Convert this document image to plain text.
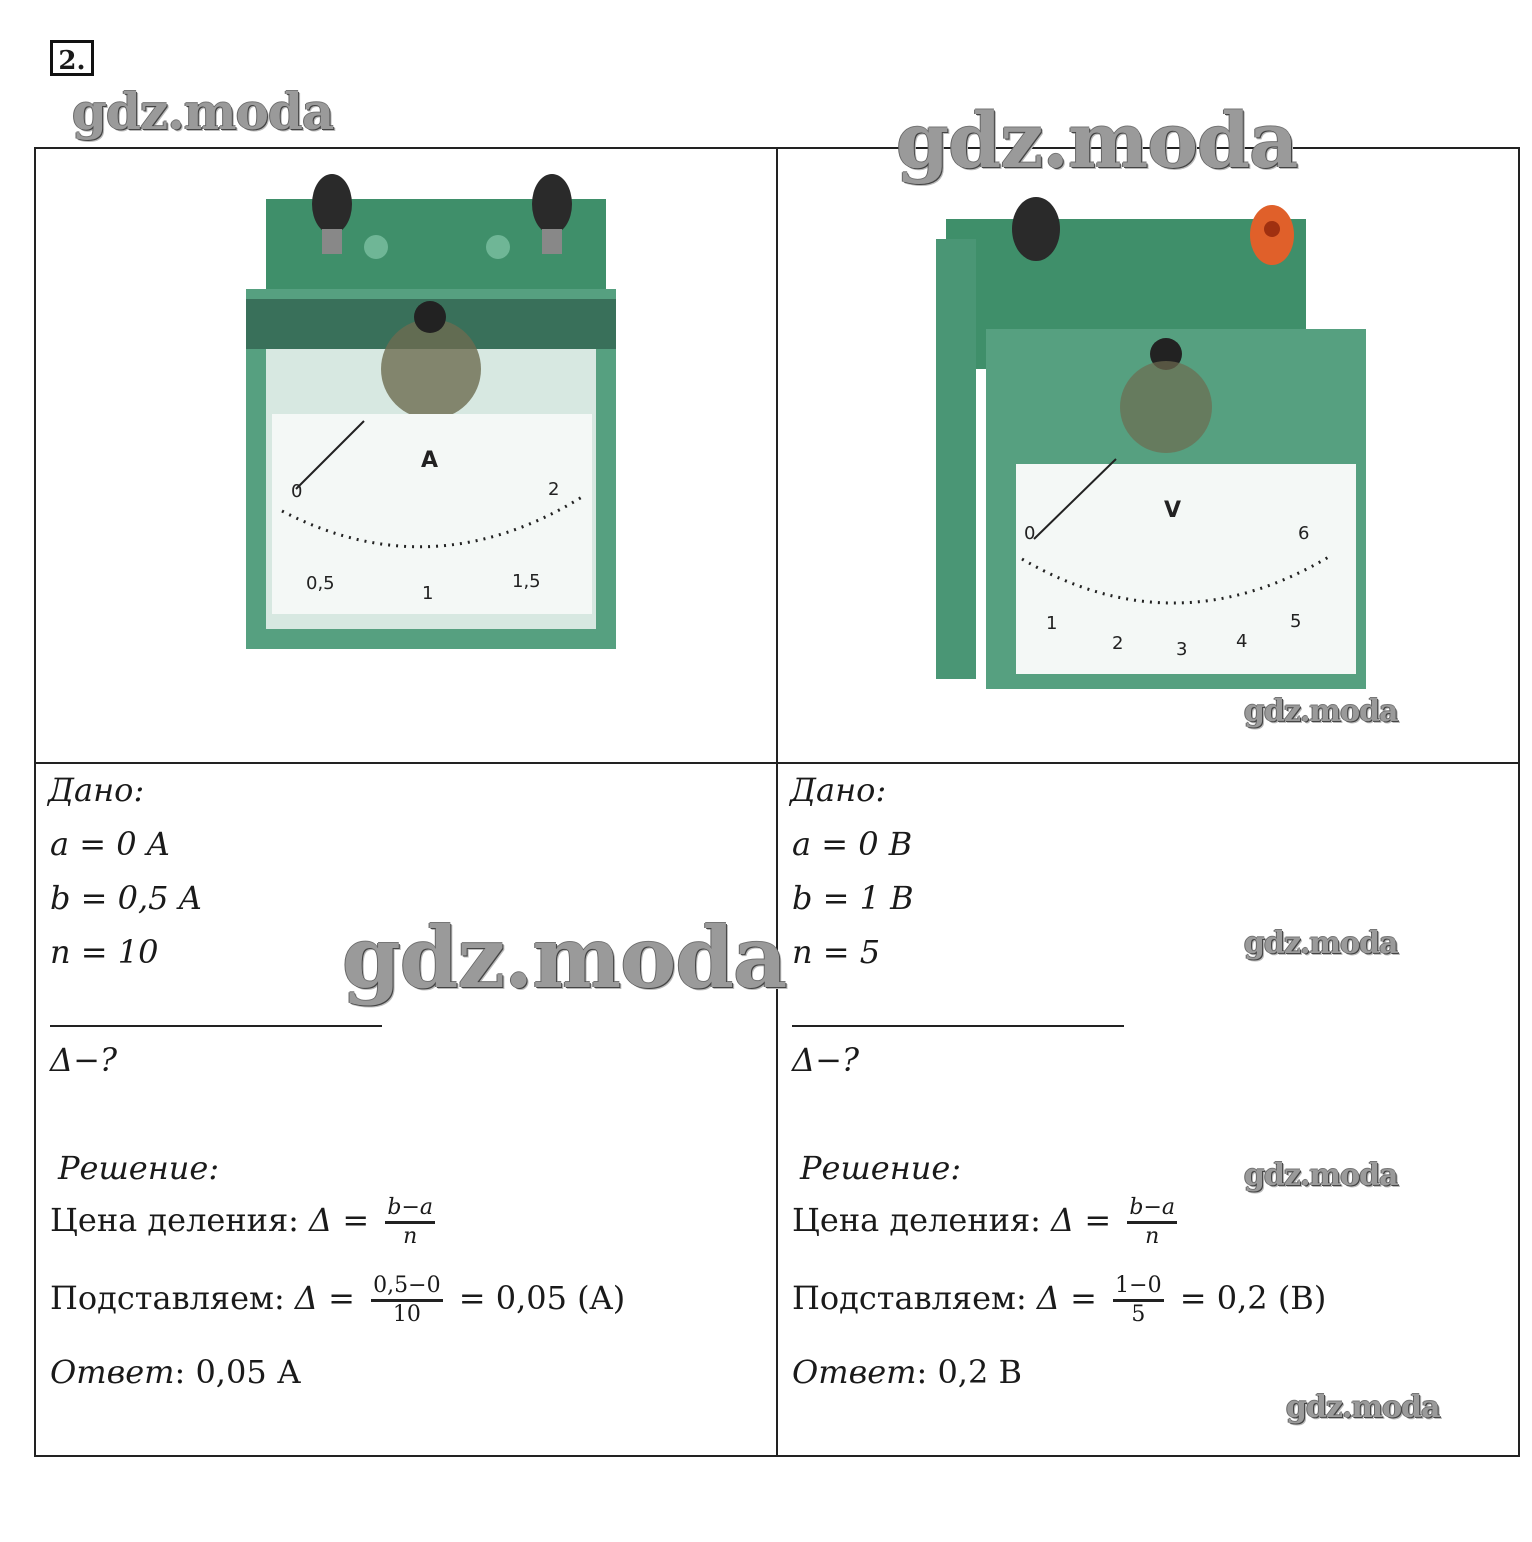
2.
gdz.moda	gdz.moda
gdz.moda
gdz.moda	gdz.moda
gdz.moda
gdz.moda
0
A
2
0,5	1
1,5
0
V
6
1
2	3	4
5
Дано:
a = 0 A
b = 0,5 A
n = 10
Δ−?
Решение:
Цена деления: $\Delta = \frac{b-a}{n}$
Подставляем: $\Delta = \frac{0,5-0}{10} = 0,05$ (A)
Ответ: 0,05 А
Дано:
a = 0 B
b = 1 B
n = 5
Δ−?
Решение:
Цена деления: $\Delta = \frac{b-a}{n}$
Подставляем: $\Delta = \frac{1-0}{5} = 0,2$ (B)
Ответ: 0,2 В
